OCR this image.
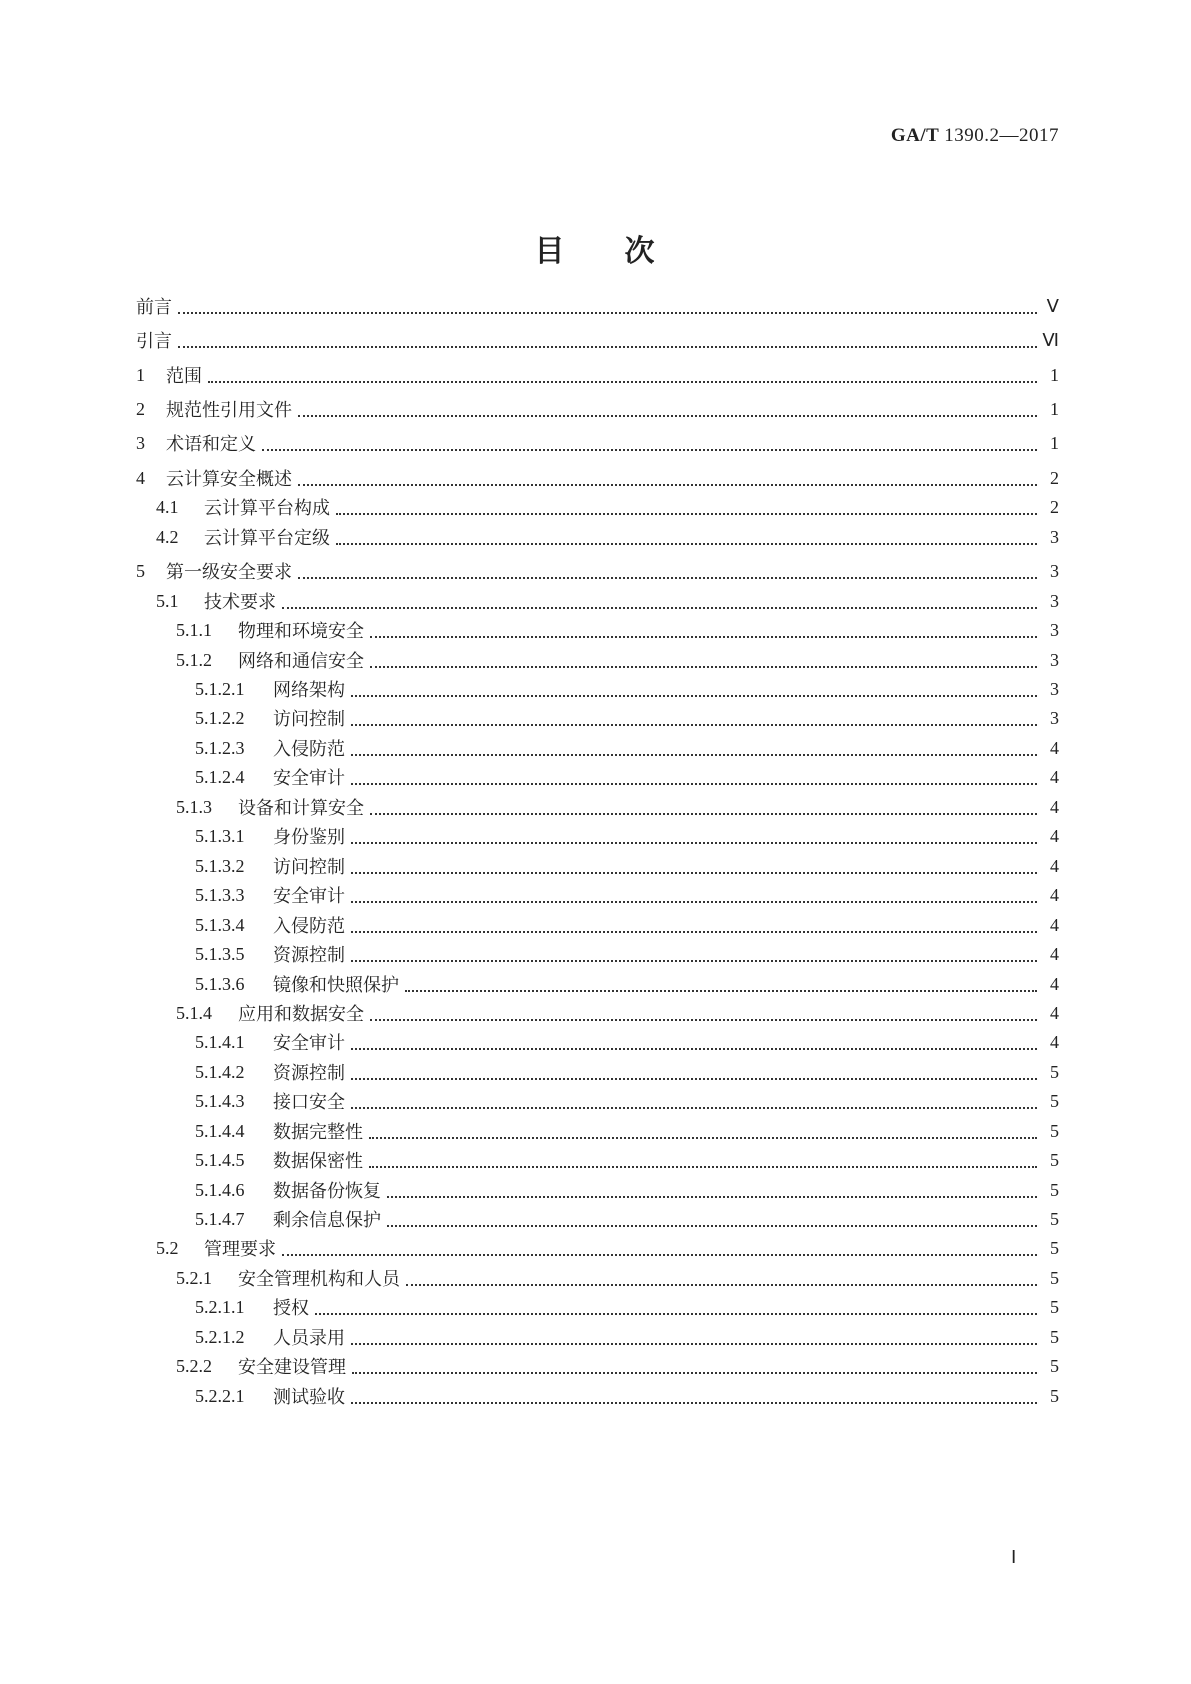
GA/T 1390.2—2017
目 次
前言	Ⅴ
引言	Ⅵ
1	范围	1
2	规范性引用文件	1
3	术语和定义	1
4	云计算安全概述	2
4.1	云计算平台构成	2
4.2	云计算平台定级	3
5	第一级安全要求	3
5.1	技术要求	3
5.1.1	物理和环境安全	3
5.1.2	网络和通信安全	3
5.1.2.1	网络架构	3
5.1.2.2	访问控制	3
5.1.2.3	入侵防范	4
5.1.2.4	安全审计	4
5.1.3	设备和计算安全	4
5.1.3.1	身份鉴别	4
5.1.3.2	访问控制	4
5.1.3.3	安全审计	4
5.1.3.4	入侵防范	4
5.1.3.5	资源控制	4
5.1.3.6	镜像和快照保护	4
5.1.4	应用和数据安全	4
5.1.4.1	安全审计	4
5.1.4.2	资源控制	5
5.1.4.3	接口安全	5
5.1.4.4	数据完整性	5
5.1.4.5	数据保密性	5
5.1.4.6	数据备份恢复	5
5.1.4.7	剩余信息保护	5
5.2	管理要求	5
5.2.1	安全管理机构和人员	5
5.2.1.1	授权	5
5.2.1.2	人员录用	5
5.2.2	安全建设管理	5
5.2.2.1	测试验收	5
Ⅰ
